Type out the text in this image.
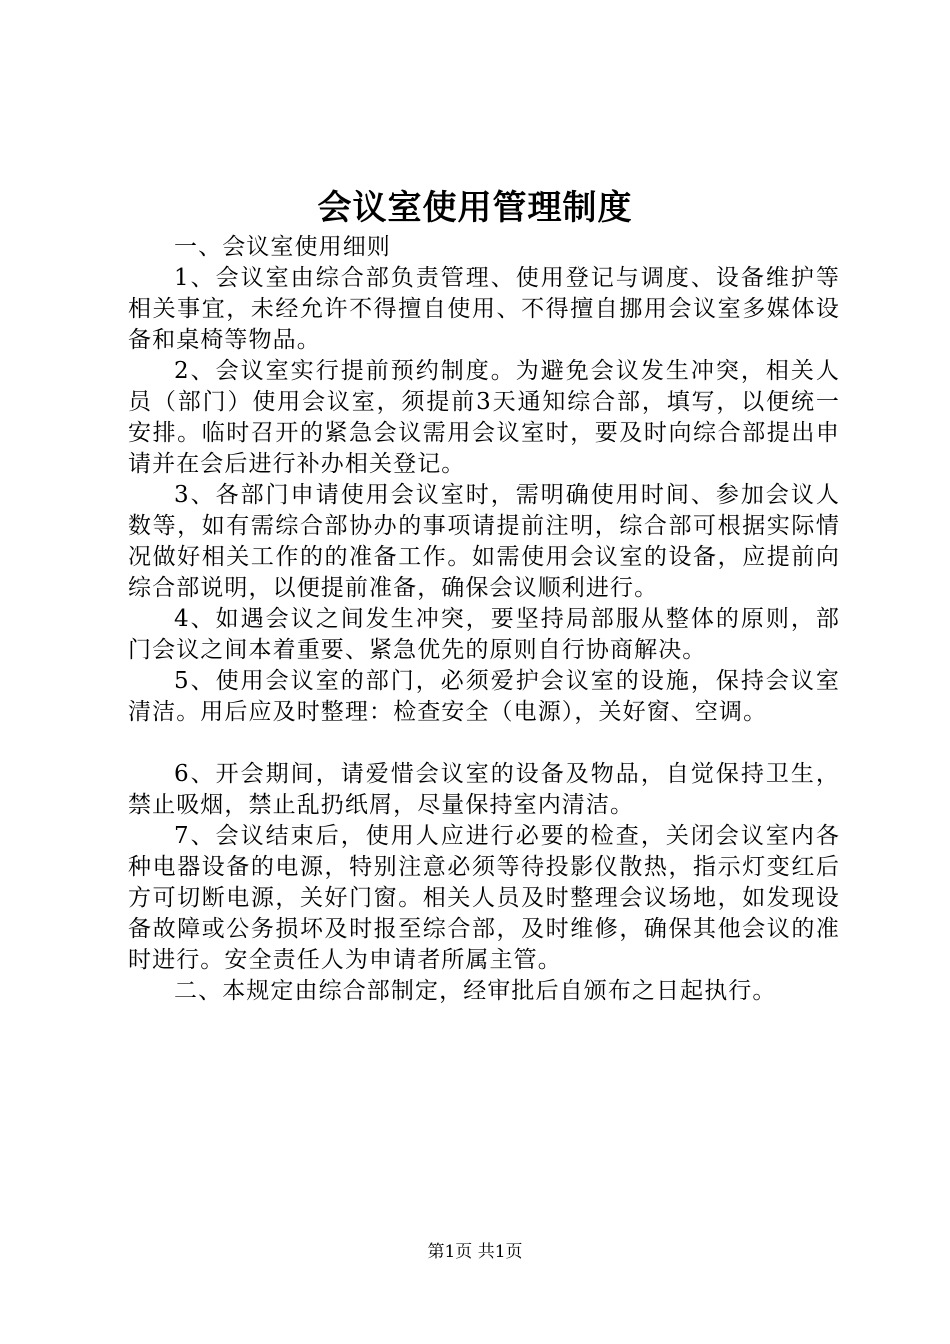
会议室使用管理制度

一、会议室使用细则

1、会议室由综合部负责管理、使用登记与调度、设备维护等相关事宜，未经允许不得擅自使用、不得擅自挪用会议室多媒体设备和桌椅等物品。

2、会议室实行提前预约制度。为避免会议发生冲突，相关人员（部门）使用会议室，须提前3天通知综合部，填写，以便统一安排。临时召开的紧急会议需用会议室时，要及时向综合部提出申请并在会后进行补办相关登记。

3、各部门申请使用会议室时，需明确使用时间、参加会议人数等，如有需综合部协办的事项请提前注明，综合部可根据实际情况做好相关工作的的准备工作。如需使用会议室的设备，应提前向综合部说明，以便提前准备，确保会议顺利进行。

4、如遇会议之间发生冲突，要坚持局部服从整体的原则，部门会议之间本着重要、紧急优先的原则自行协商解决。

5、使用会议室的部门，必须爱护会议室的设施，保持会议室清洁。用后应及时整理：检查安全（电源），关好窗、空调。

6、开会期间，请爱惜会议室的设备及物品，自觉保持卫生，禁止吸烟，禁止乱扔纸屑，尽量保持室内清洁。

7、会议结束后，使用人应进行必要的检查，关闭会议室内各种电器设备的电源，特别注意必须等待投影仪散热，指示灯变红后方可切断电源，关好门窗。相关人员及时整理会议场地，如发现设备故障或公务损坏及时报至综合部，及时维修，确保其他会议的准时进行。安全责任人为申请者所属主管。

二、本规定由综合部制定，经审批后自颁布之日起执行。

第1页 共1页
